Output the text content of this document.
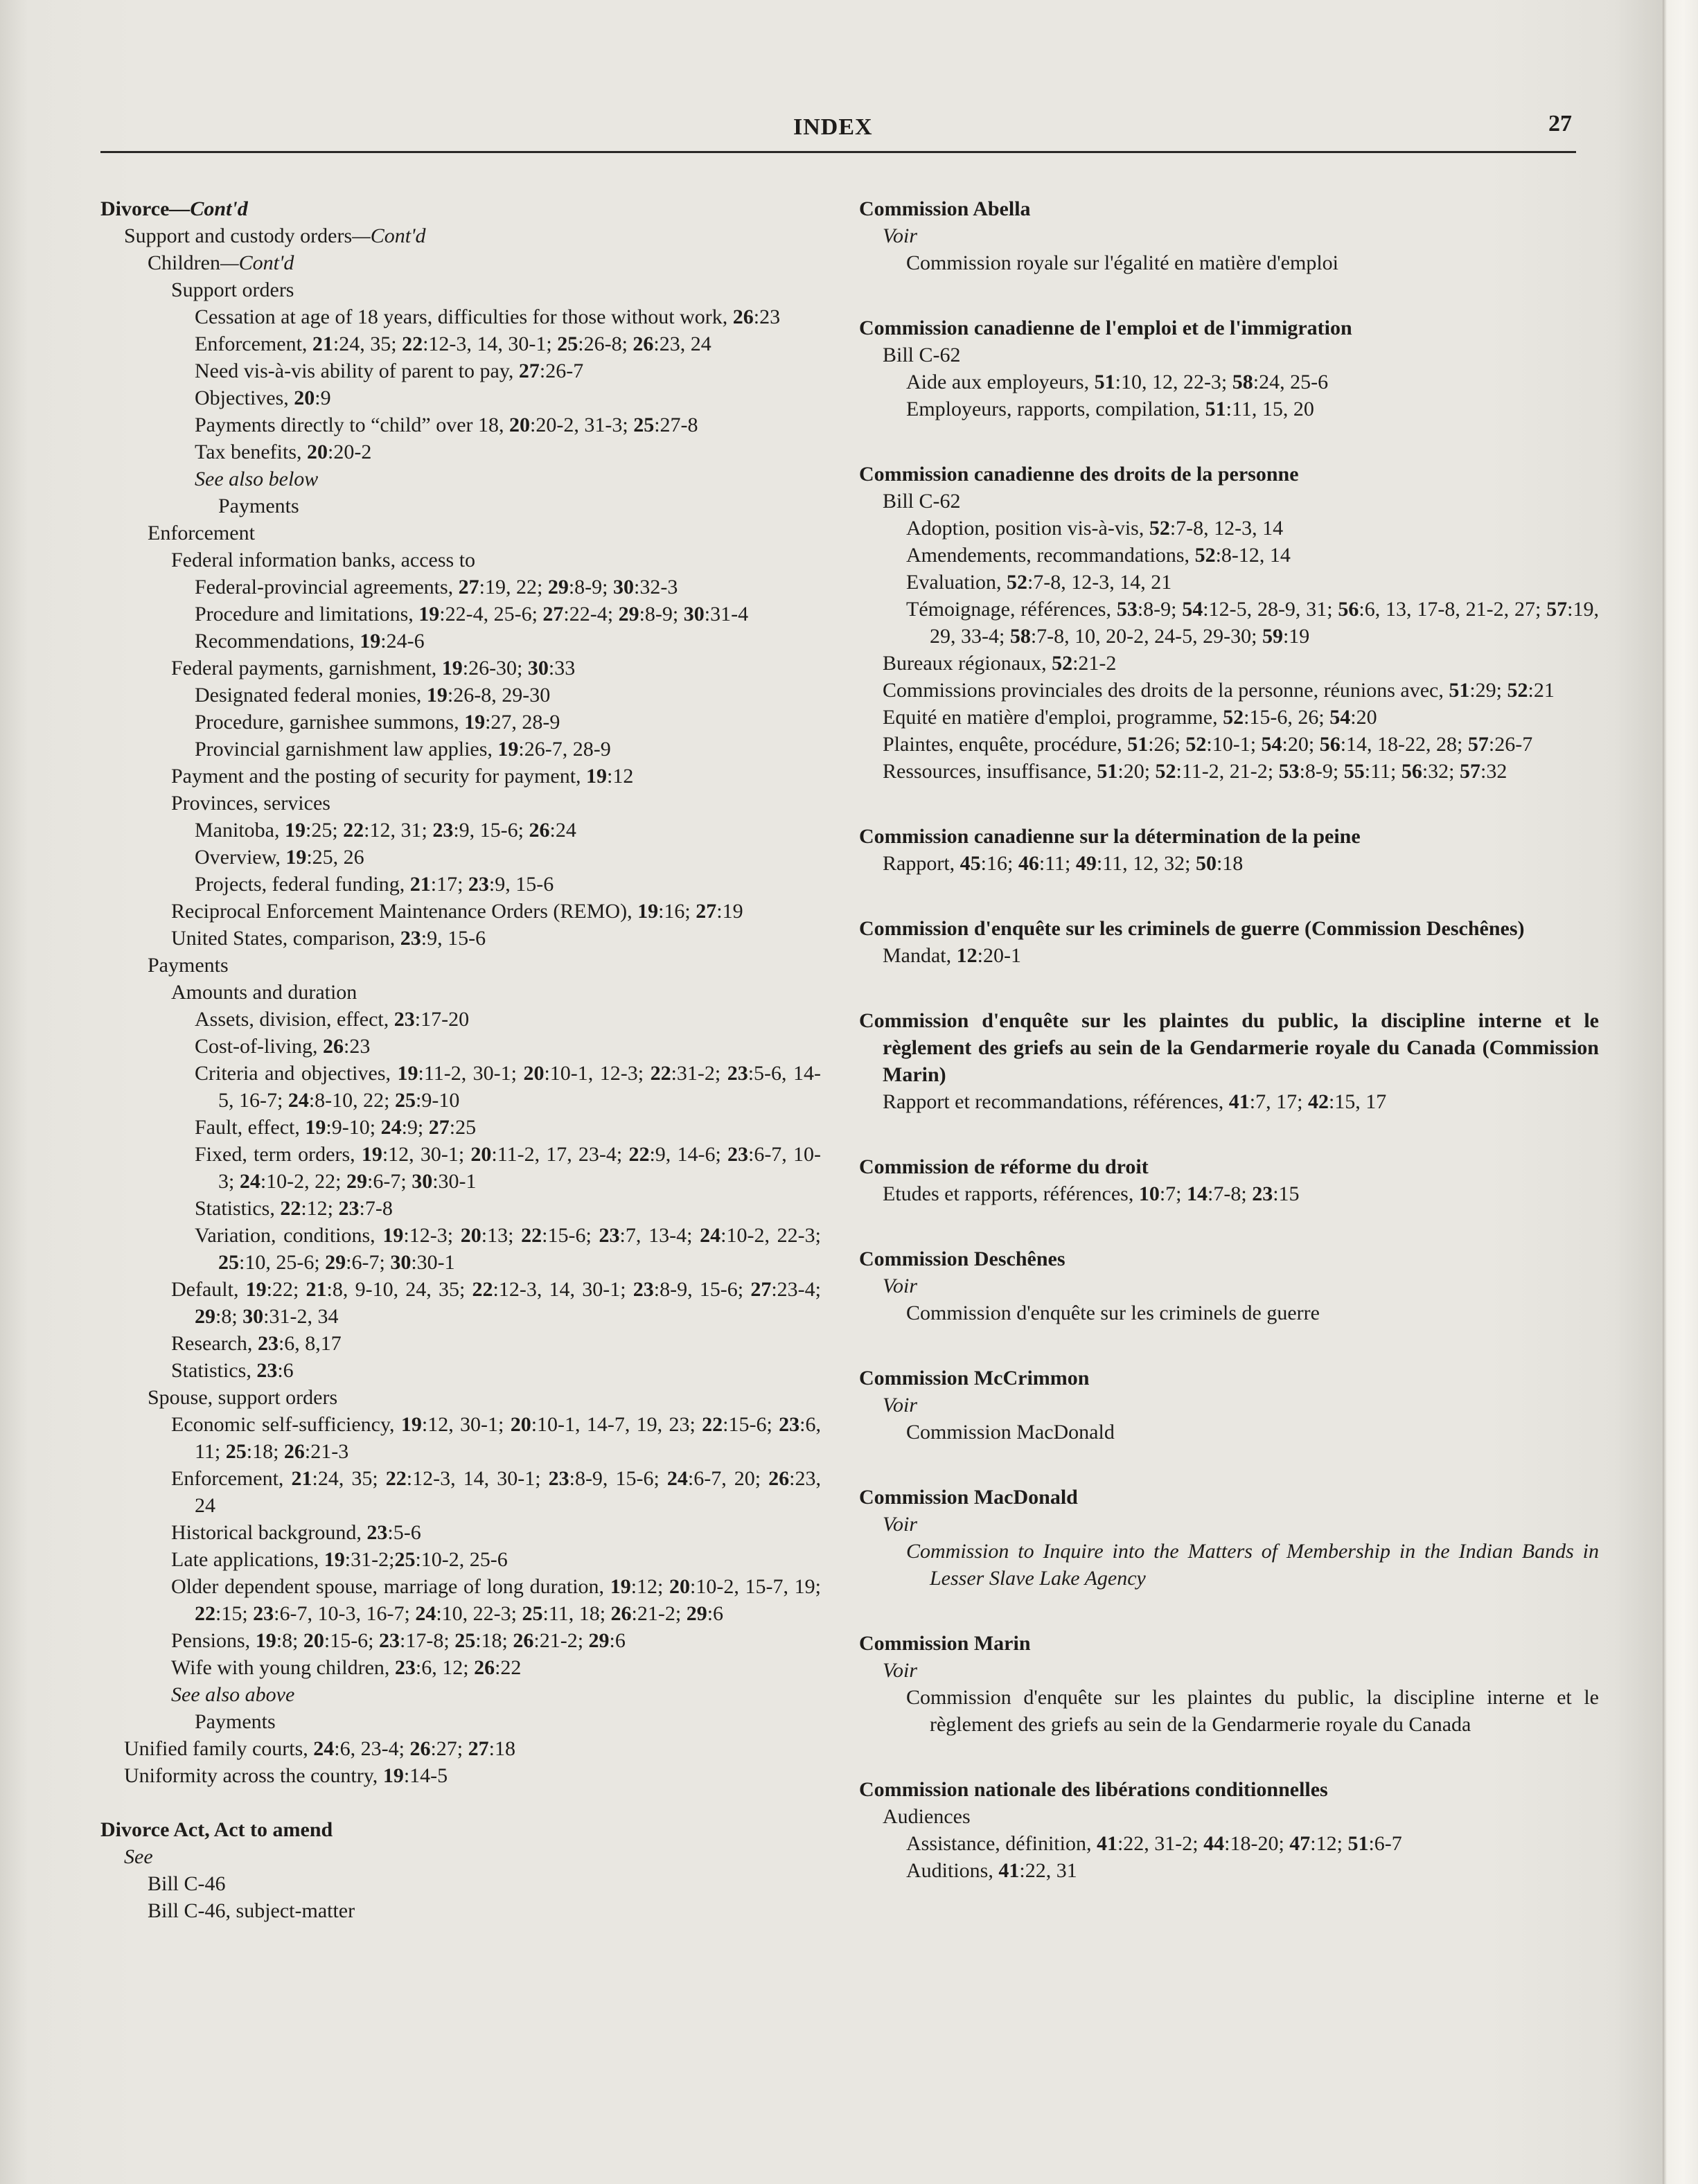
INDEX	27

Divorce—Cont'd

Support and custody orders—Cont'd

Children—Cont'd

Support orders

Cessation at age of 18 years, difficulties for those without work, 26:23

Enforcement, 21:24, 35; 22:12-3, 14, 30-1; 25:26-8; 26:23, 24

Need vis-à-vis ability of parent to pay, 27:26-7

Objectives, 20:9

Payments directly to “child” over 18, 20:20-2, 31-3; 25:27-8

Tax benefits, 20:20-2

See also below

Payments

Enforcement

Federal information banks, access to

Federal-provincial agreements, 27:19, 22; 29:8-9; 30:32-3

Procedure and limitations, 19:22-4, 25-6; 27:22-4; 29:8-9; 30:31-4

Recommendations, 19:24-6

Federal payments, garnishment, 19:26-30; 30:33

Designated federal monies, 19:26-8, 29-30

Procedure, garnishee summons, 19:27, 28-9

Provincial garnishment law applies, 19:26-7, 28-9

Payment and the posting of security for payment, 19:12

Provinces, services

Manitoba, 19:25; 22:12, 31; 23:9, 15-6; 26:24

Overview, 19:25, 26

Projects, federal funding, 21:17; 23:9, 15-6

Reciprocal Enforcement Maintenance Orders (REMO), 19:16; 27:19

United States, comparison, 23:9, 15-6

Payments

Amounts and duration

Assets, division, effect, 23:17-20

Cost-of-living, 26:23

Criteria and objectives, 19:11-2, 30-1; 20:10-1, 12-3; 22:31-2; 23:5-6, 14-5, 16-7; 24:8-10, 22; 25:9-10

Fault, effect, 19:9-10; 24:9; 27:25

Fixed, term orders, 19:12, 30-1; 20:11-2, 17, 23-4; 22:9, 14-6; 23:6-7, 10-3; 24:10-2, 22; 29:6-7; 30:30-1

Statistics, 22:12; 23:7-8

Variation, conditions, 19:12-3; 20:13; 22:15-6; 23:7, 13-4; 24:10-2, 22-3; 25:10, 25-6; 29:6-7; 30:30-1

Default, 19:22; 21:8, 9-10, 24, 35; 22:12-3, 14, 30-1; 23:8-9, 15-6; 27:23-4; 29:8; 30:31-2, 34

Research, 23:6, 8,17

Statistics, 23:6

Spouse, support orders

Economic self-sufficiency, 19:12, 30-1; 20:10-1, 14-7, 19, 23; 22:15-6; 23:6, 11; 25:18; 26:21-3

Enforcement, 21:24, 35; 22:12-3, 14, 30-1; 23:8-9, 15-6; 24:6-7, 20; 26:23, 24

Historical background, 23:5-6

Late applications, 19:31-2;25:10-2, 25-6

Older dependent spouse, marriage of long duration, 19:12; 20:10-2, 15-7, 19; 22:15; 23:6-7, 10-3, 16-7; 24:10, 22-3; 25:11, 18; 26:21-2; 29:6

Pensions, 19:8; 20:15-6; 23:17-8; 25:18; 26:21-2; 29:6

Wife with young children, 23:6, 12; 26:22

See also above

Payments

Unified family courts, 24:6, 23-4; 26:27; 27:18

Uniformity across the country, 19:14-5

Divorce Act, Act to amend

See

Bill C-46

Bill C-46, subject-matter

Commission Abella

Voir

Commission royale sur l'égalité en matière d'emploi

Commission canadienne de l'emploi et de l'immigration

Bill C-62

Aide aux employeurs, 51:10, 12, 22-3; 58:24, 25-6

Employeurs, rapports, compilation, 51:11, 15, 20

Commission canadienne des droits de la personne

Bill C-62

Adoption, position vis-à-vis, 52:7-8, 12-3, 14

Amendements, recommandations, 52:8-12, 14

Evaluation, 52:7-8, 12-3, 14, 21

Témoignage, références, 53:8-9; 54:12-5, 28-9, 31; 56:6, 13, 17-8, 21-2, 27; 57:19, 29, 33-4; 58:7-8, 10, 20-2, 24-5, 29-30; 59:19

Bureaux régionaux, 52:21-2

Commissions provinciales des droits de la personne, réunions avec, 51:29; 52:21

Equité en matière d'emploi, programme, 52:15-6, 26; 54:20

Plaintes, enquête, procédure, 51:26; 52:10-1; 54:20; 56:14, 18-22, 28; 57:26-7

Ressources, insuffisance, 51:20; 52:11-2, 21-2; 53:8-9; 55:11; 56:32; 57:32

Commission canadienne sur la détermination de la peine

Rapport, 45:16; 46:11; 49:11, 12, 32; 50:18

Commission d'enquête sur les criminels de guerre (Commission Deschênes)

Mandat, 12:20-1

Commission d'enquête sur les plaintes du public, la discipline interne et le règlement des griefs au sein de la Gendarmerie royale du Canada (Commission Marin)

Rapport et recommandations, références, 41:7, 17; 42:15, 17

Commission de réforme du droit

Etudes et rapports, références, 10:7; 14:7-8; 23:15

Commission Deschênes

Voir

Commission d'enquête sur les criminels de guerre

Commission McCrimmon

Voir

Commission MacDonald

Commission MacDonald

Voir

Commission to Inquire into the Matters of Membership in the Indian Bands in Lesser Slave Lake Agency

Commission Marin

Voir

Commission d'enquête sur les plaintes du public, la discipline interne et le règlement des griefs au sein de la Gendarmerie royale du Canada

Commission nationale des libérations conditionnelles

Audiences

Assistance, définition, 41:22, 31-2; 44:18-20; 47:12; 51:6-7

Auditions, 41:22, 31
